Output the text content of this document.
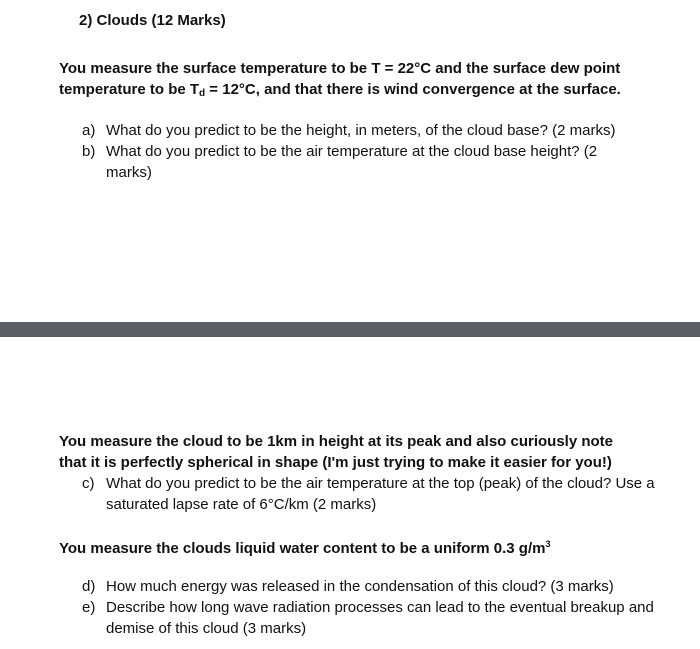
2) Clouds (12 Marks)

You measure the surface temperature to be T = 22°C and the surface dew point
temperature to be $T_d = 12^\circ C$, and that there is wind convergence at the surface.

a) What do you predict to be the height, in meters, of the cloud base? (2 marks)
b) What do you predict to be the air temperature at the cloud base height? (2 marks)

You measure the cloud to be 1km in height at its peak and also curiously note
that it is perfectly spherical in shape (I'm just trying to make it easier for you!)

c) What do you predict to be the air temperature at the top (peak) of the cloud? Use a saturated lapse rate of 6°C/km (2 marks)

You measure the clouds liquid water content to be a uniform 0.3 $g/m^3$

d) How much energy was released in the condensation of this cloud? (3 marks)
e) Describe how long wave radiation processes can lead to the eventual breakup and demise of this cloud (3 marks)
